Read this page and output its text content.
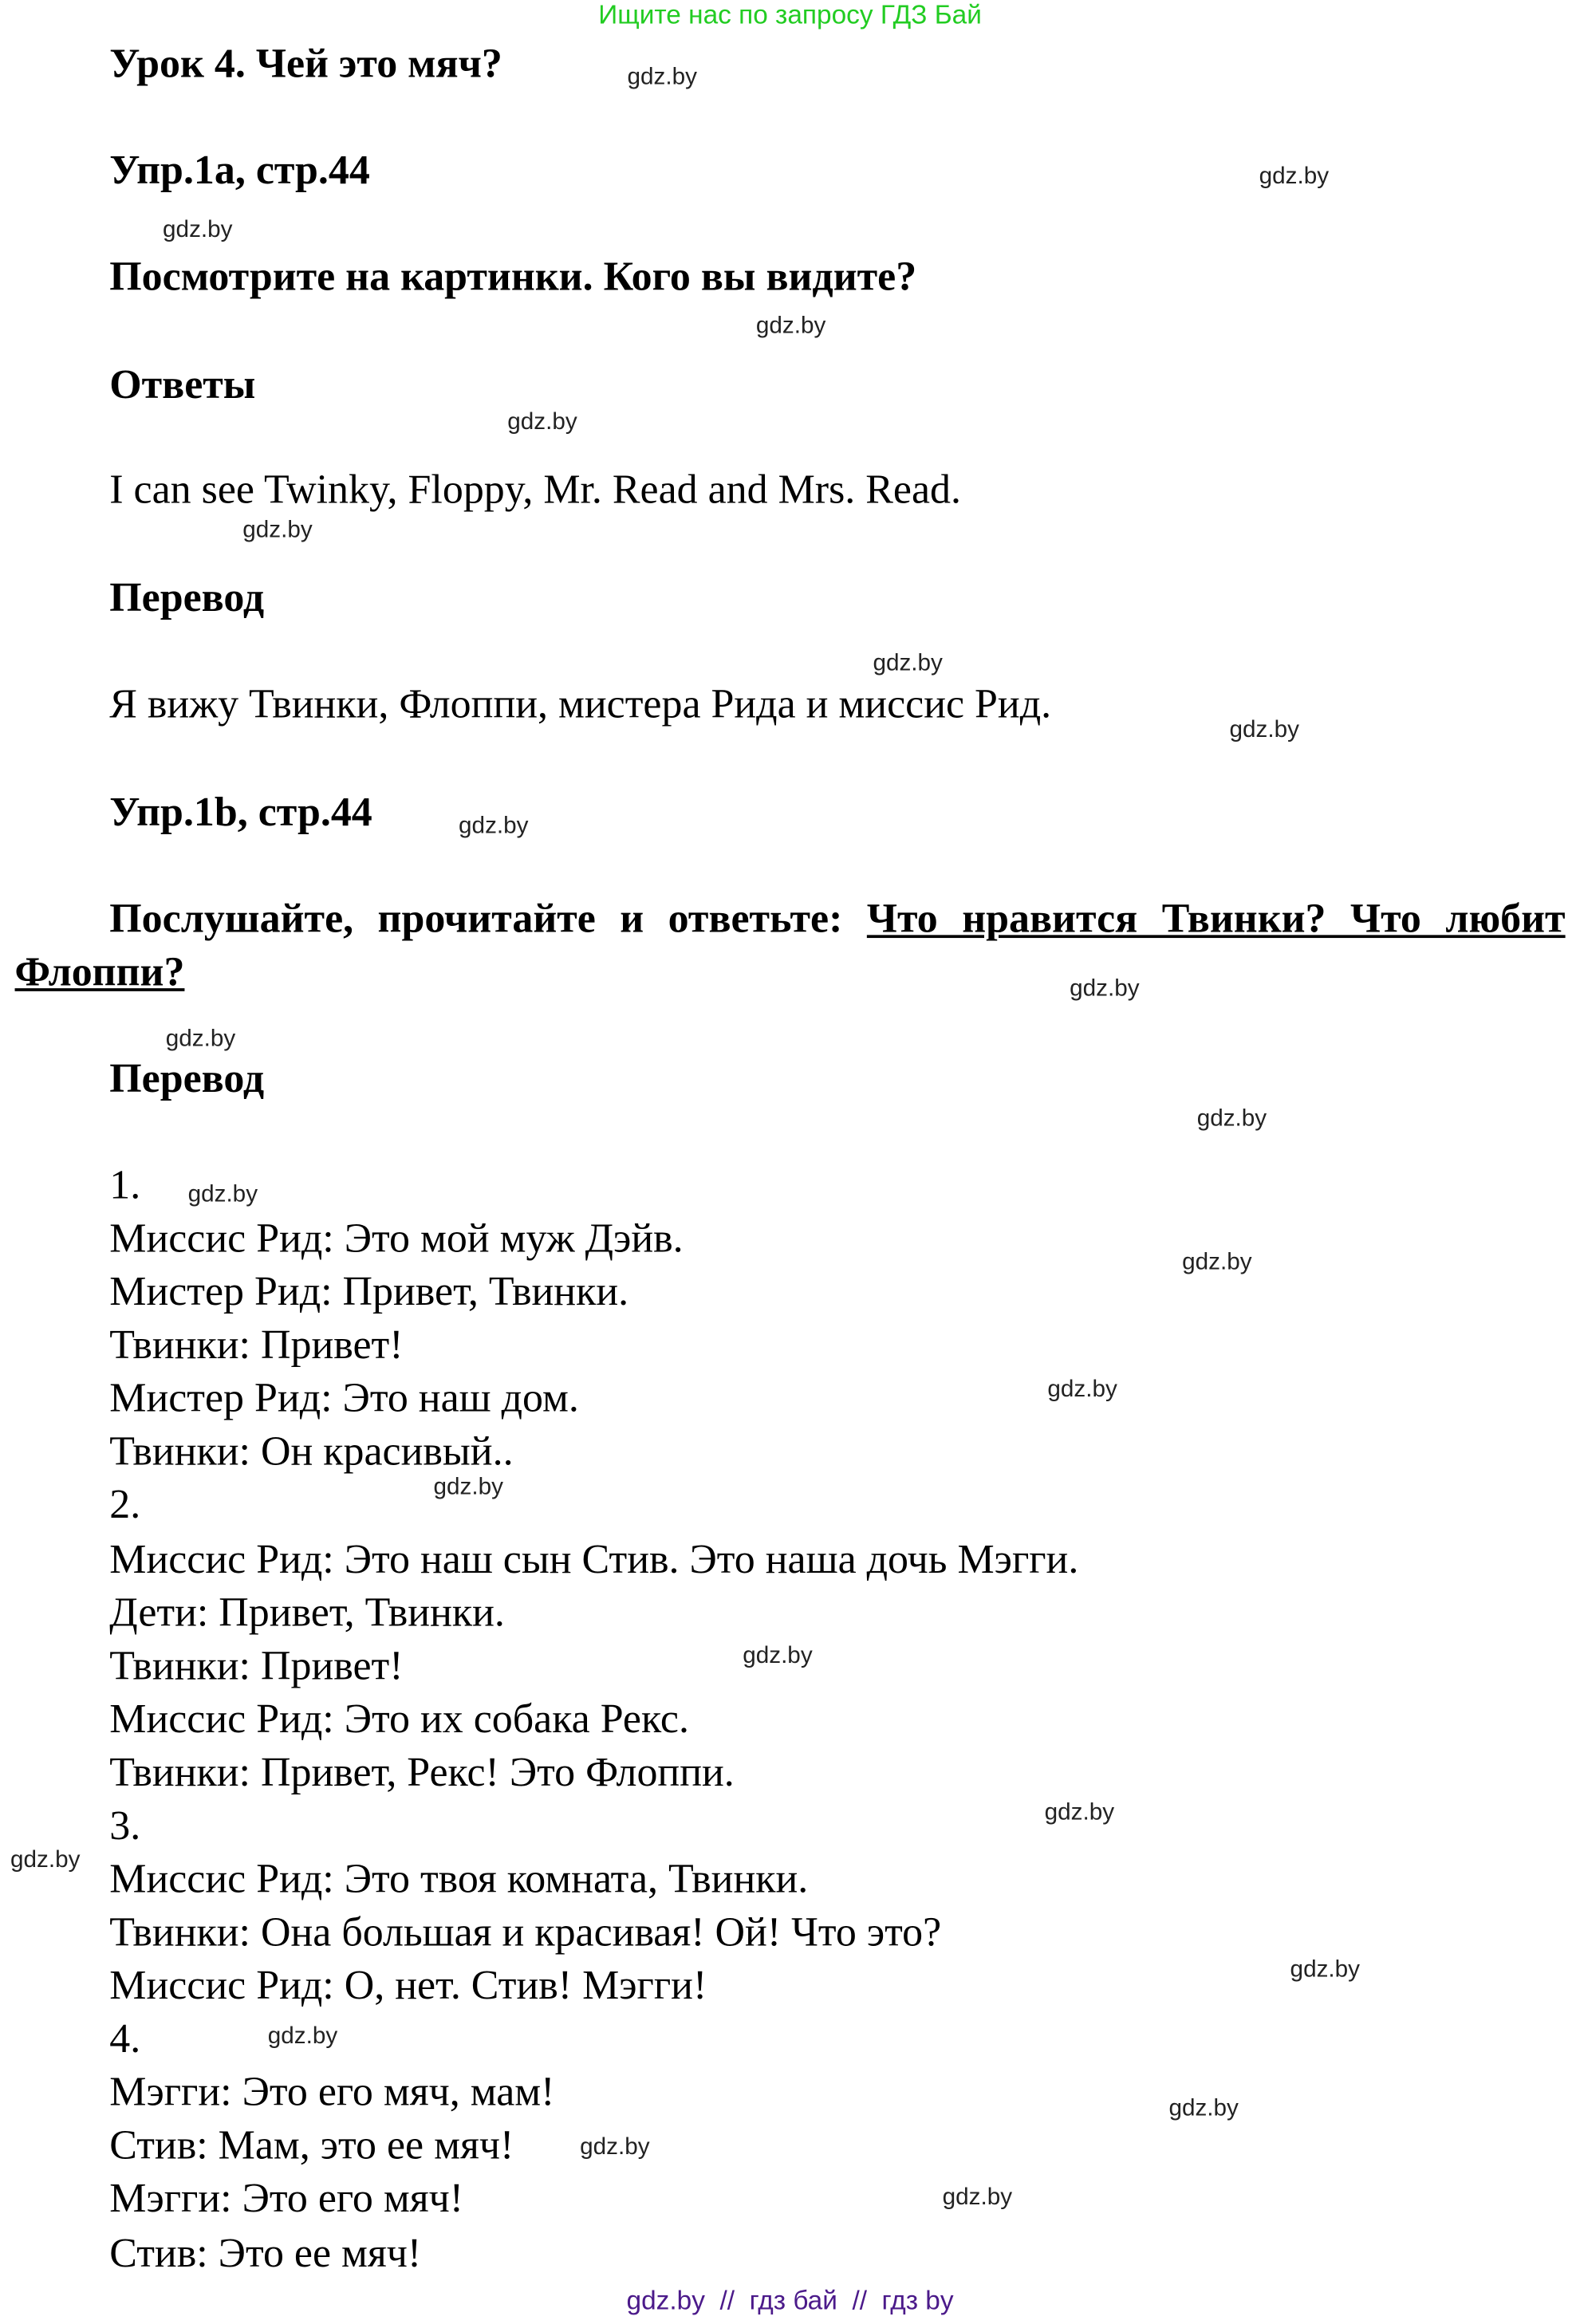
Ищите нас по запросу ГДЗ Бай
Урок 4. Чей это мяч?
Упр.1a, стр.44
Посмотрите на картинки. Кого вы видите?
Ответы
I can see Twinky, Floppy, Mr. Read and Mrs. Read.
Перевод
Я вижу Твинки, Флоппи, мистера Рида и миссис Рид.
Упр.1b, стр.44
Послушайте, прочитайте и ответьте: Что нравится Твинки? Что любит Флоппи?
Перевод
1.
Миссис Рид: Это мой муж Дэйв.
Мистер Рид: Привет, Твинки.
Твинки: Привет!
Мистер Рид: Это наш дом.
Твинки: Он красивый..
2.
Миссис Рид: Это наш сын Стив. Это наша дочь Мэгги.
Дети: Привет, Твинки.
Твинки: Привет!
Миссис Рид: Это их собака Рекс.
Твинки: Привет, Рекс! Это Флоппи.
3.
Миссис Рид: Это твоя комната, Твинки.
Твинки: Она большая и красивая! Ой! Что это?
Миссис Рид: О, нет. Стив! Мэгги!
4.
Мэгги: Это его мяч, мам!
Стив: Мам, это ее мяч!
Мэгги: Это его мяч!
Стив: Это ее мяч!
gdz.by
gdz.by
gdz.by
gdz.by
gdz.by
gdz.by
gdz.by
gdz.by
gdz.by
gdz.by
gdz.by
gdz.by
gdz.by
gdz.by
gdz.by
gdz.by
gdz.by
gdz.by
gdz.by
gdz.by
gdz.by
gdz.by
gdz.by
gdz.by
gdz.by  //  гдз бай  //  гдз by
